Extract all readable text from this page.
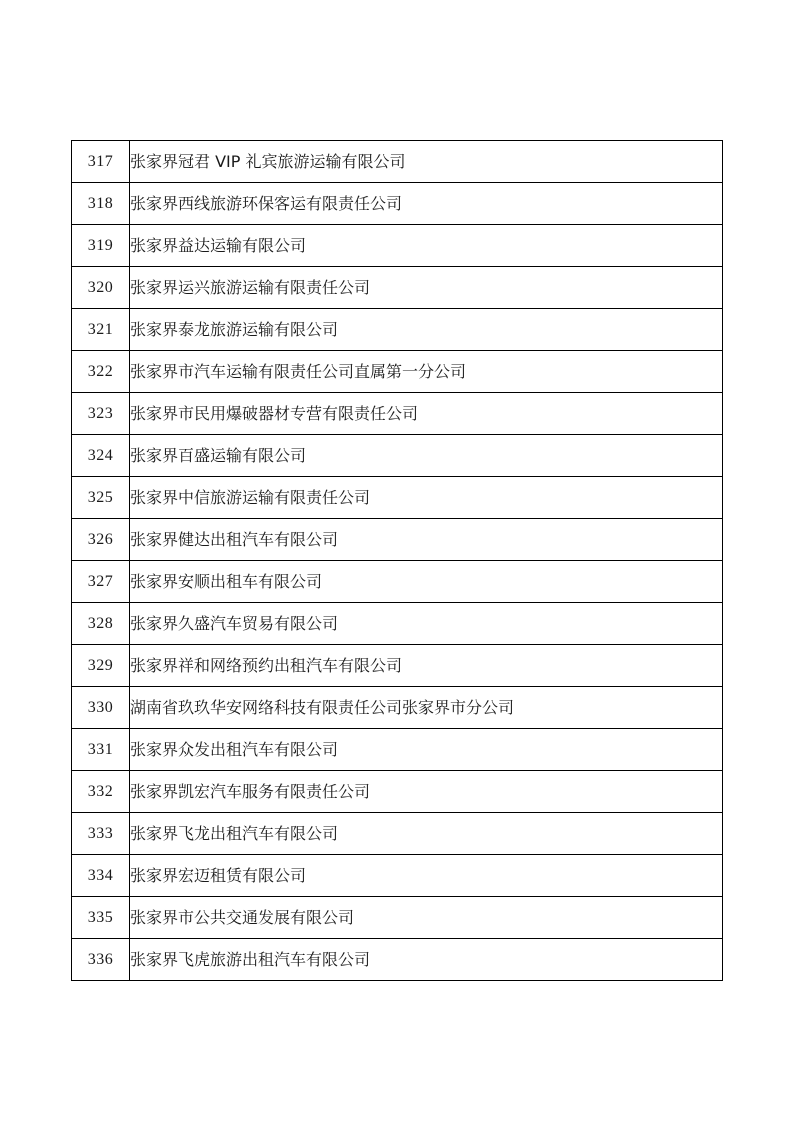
317	张家界冠君 VIP 礼宾旅游运输有限公司
318	张家界西线旅游环保客运有限责任公司
319	张家界益达运输有限公司
320	张家界运兴旅游运输有限责任公司
321	张家界泰龙旅游运输有限公司
322	张家界市汽车运输有限责任公司直属第一分公司
323	张家界市民用爆破器材专营有限责任公司
324	张家界百盛运输有限公司
325	张家界中信旅游运输有限责任公司
326	张家界健达出租汽车有限公司
327	张家界安顺出租车有限公司
328	张家界久盛汽车贸易有限公司
329	张家界祥和网络预约出租汽车有限公司
330	湖南省玖玖华安网络科技有限责任公司张家界市分公司
331	张家界众发出租汽车有限公司
332	张家界凯宏汽车服务有限责任公司
333	张家界飞龙出租汽车有限公司
334	张家界宏迈租赁有限公司
335	张家界市公共交通发展有限公司
336	张家界飞虎旅游出租汽车有限公司
